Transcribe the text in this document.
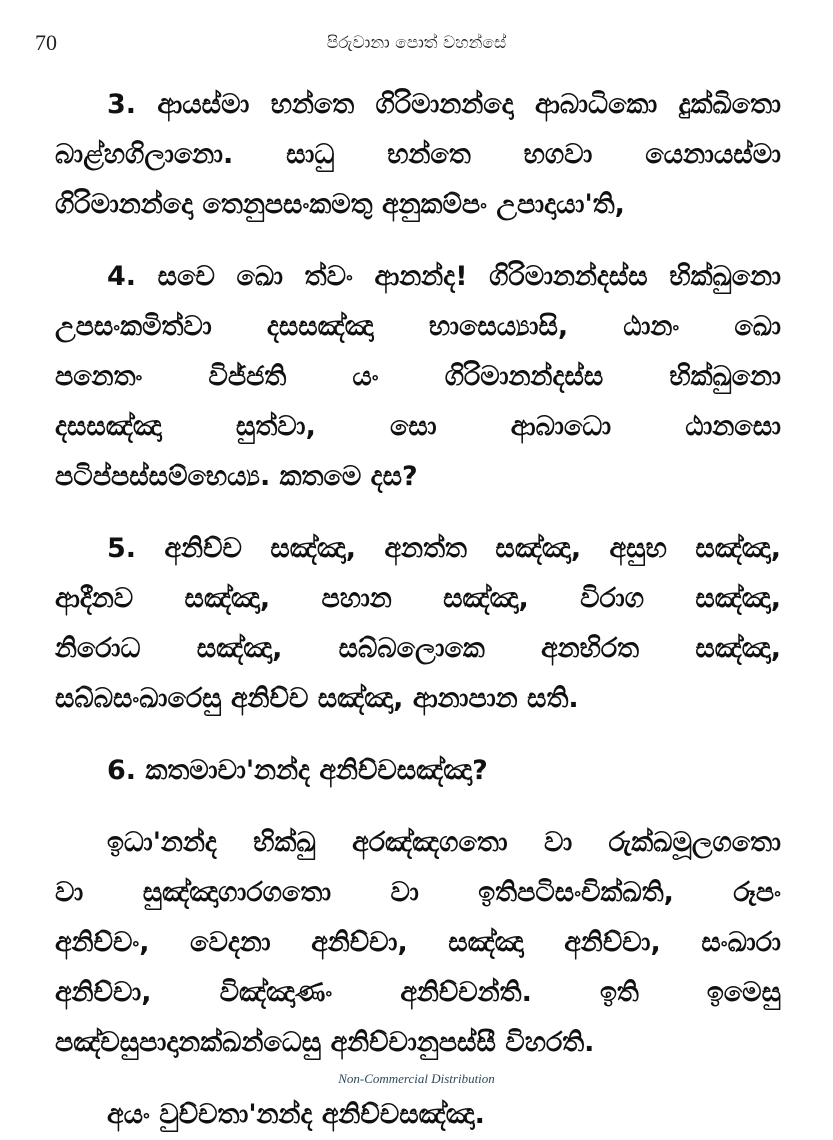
70	පිරුවානා පොත් වහන්සේ

3. ආයස්මා භන්තෙ ගිරිමානන්දො ආබාධිකො දුක්ඛිතො
බාළ්හගිලානො. සාධු භන්තෙ භගවා යෙනායස්මා
ගිරිමානන්දො තෙනුපසංකමතු අනුකම්පං උපාදායා'ති,

4. සචෙ ඛො ත්වං ආනන්ද! ගිරිමානන්දස්ස භික්ඛුනො
උපසංකමිත්වා දසසඤ්ඤා භාසෙය්‍යාසි, ඨානං ඛො
පනෙතං විජ්ජති යං ගිරිමානන්දස්ස භික්ඛුනො
දසසඤ්ඤා සුත්වා, සො ආබාධො ඨානසො
පටිප්පස්සම්භෙය්‍ය. කතමෙ දස?

5. අනිච්ච සඤ්ඤා, අනත්ත සඤ්ඤා, අසුභ සඤ්ඤා,
ආදීනව සඤ්ඤා, පහාන සඤ්ඤා, විරාග සඤ්ඤා,
නිරොධ සඤ්ඤා, සබ්බලොකෙ අනභිරත සඤ්ඤා,
සබ්බසංඛාරෙසු අනිච්ච සඤ්ඤා, ආනාපාන සති.

6. කතමාචා'නන්ද අනිච්චසඤ්ඤා?

ඉධා'නන්ද භික්ඛු අරඤ්ඤගතො වා රුක්ඛමූලගතො
වා සුඤ්ඤාගාරගතො වා ඉතිපටිසංචික්ඛති, රූපං
අනිච්චං, වෙදනා අනිච්චා, සඤ්ඤා අනිච්චා, සංඛාරා
අනිච්චා, විඤ්ඤාණං අනිච්චන්ති. ඉති ඉමෙසු
පඤ්චසුපාදානක්ඛන්ධෙසු අනිච්චානුපස්සී විහරති.

අයං වුච්චතා'නන්ද අනිච්චසඤ්ඤා.

Non-Commercial Distribution
